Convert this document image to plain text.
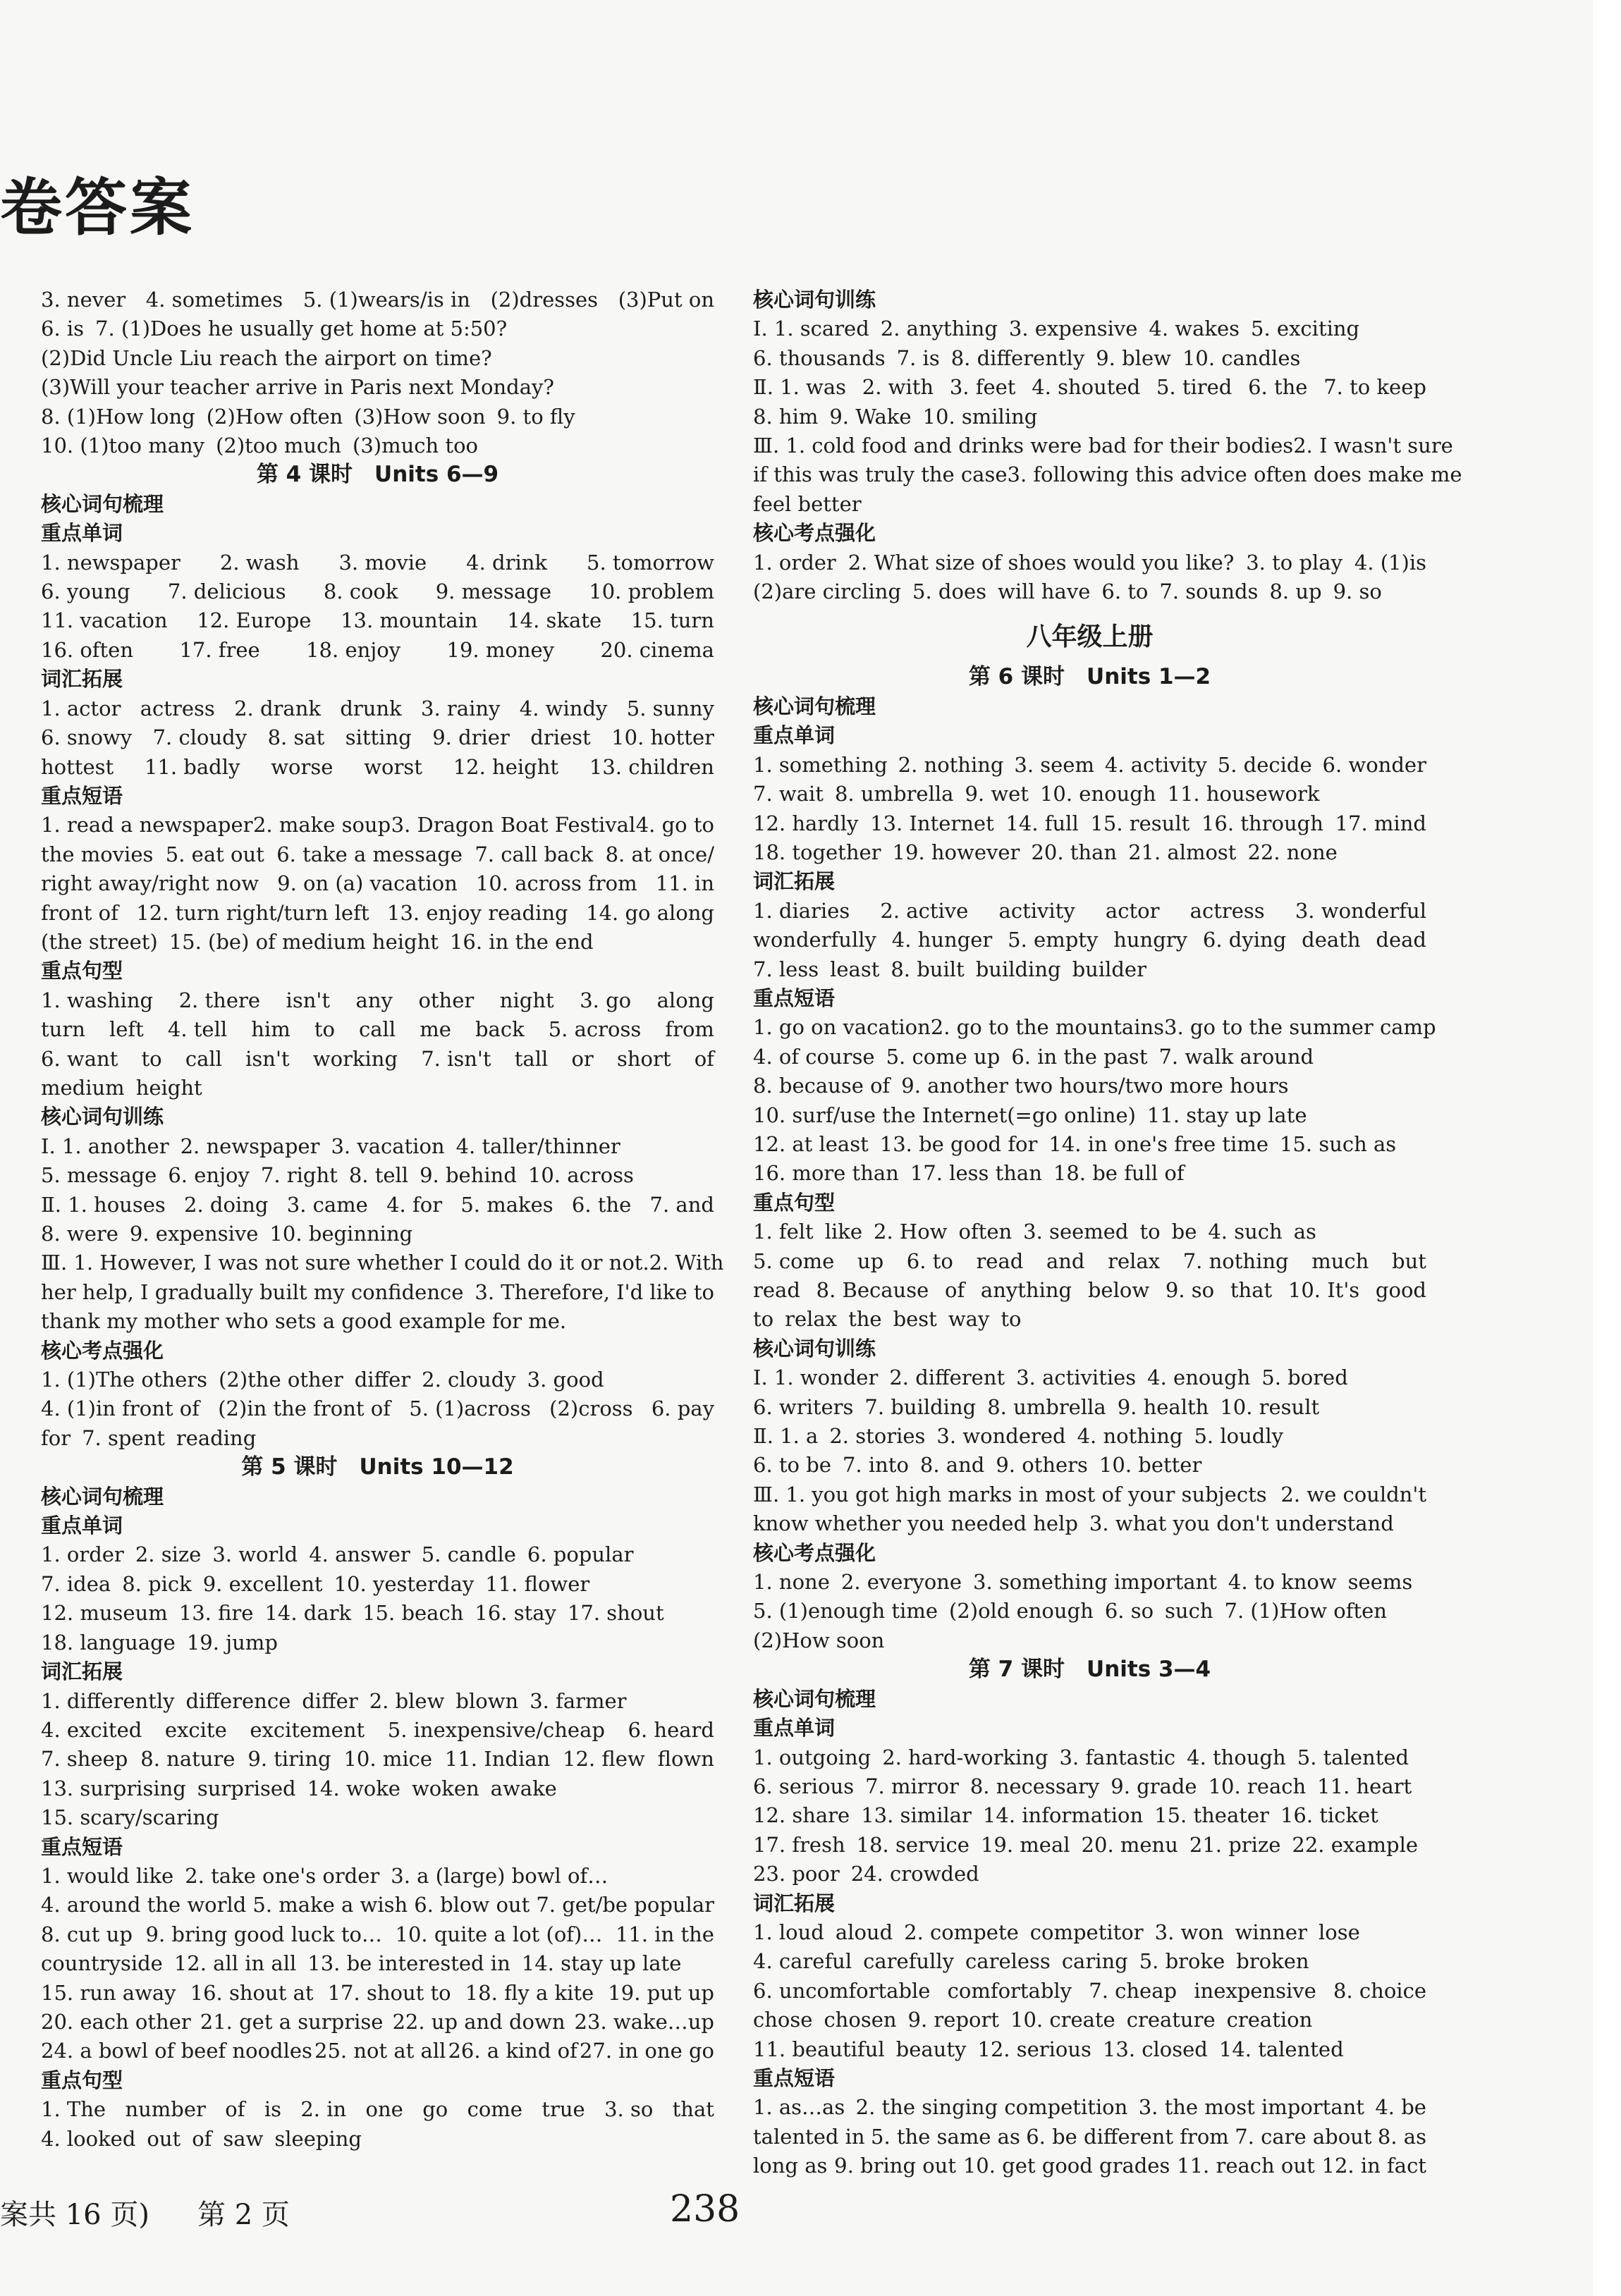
卷答案
3. never 4. sometimes 5. (1)wears/is in (2)dresses (3)Put on
6. is 7. (1)Does he usually get home at 5:50?
(2)Did Uncle Liu reach the airport on time?
(3)Will your teacher arrive in Paris next Monday?
8. (1)How long (2)How often (3)How soon 9. to fly
10. (1)too many (2)too much (3)much too
第 4 课时　Units 6—9
核心词句梳理
重点单词
1. newspaper 2. wash 3. movie 4. drink 5. tomorrow
6. young 7. delicious 8. cook 9. message 10. problem
11. vacation 12. Europe 13. mountain 14. skate 15. turn
16. often 17. free 18. enjoy 19. money 20. cinema
词汇拓展
1. actor actress 2. drank drunk 3. rainy 4. windy 5. sunny
6. snowy 7. cloudy 8. sat sitting 9. drier driest 10. hotter
hottest 11. badly worse worst 12. height 13. children
重点短语
1. read a newspaper 2. make soup 3. Dragon Boat Festival 4. go to
the movies 5. eat out 6. take a message 7. call back 8. at once/
right away/right now 9. on (a) vacation 10. across from 11. in
front of 12. turn right/turn left 13. enjoy reading 14. go along
(the street) 15. (be) of medium height 16. in the end
重点句型
1. washing 2. there isn't any other night 3. go along
turn left 4. tell him to call me back 5. across from
6. want to call isn't working 7. isn't tall or short of
medium height
核心词句训练
Ⅰ. 1. another 2. newspaper 3. vacation 4. taller/thinner
5. message 6. enjoy 7. right 8. tell 9. behind 10. across
Ⅱ. 1. houses 2. doing 3. came 4. for 5. makes 6. the 7. and
8. were 9. expensive 10. beginning
Ⅲ. 1. However, I was not sure whether I could do it or not. 2. With
her help, I gradually built my confidence 3. Therefore, I'd like to
thank my mother who sets a good example for me.
核心考点强化
1. (1)The others (2)the other differ 2. cloudy 3. good
4. (1)in front of (2)in the front of 5. (1)across (2)cross 6. pay
for 7. spent reading
第 5 课时　Units 10—12
核心词句梳理
重点单词
1. order 2. size 3. world 4. answer 5. candle 6. popular
7. idea 8. pick 9. excellent 10. yesterday 11. flower
12. museum 13. fire 14. dark 15. beach 16. stay 17. shout
18. language 19. jump
词汇拓展
1. differently difference differ 2. blew blown 3. farmer
4. excited excite excitement 5. inexpensive/cheap 6. heard
7. sheep 8. nature 9. tiring 10. mice 11. Indian 12. flew flown
13. surprising surprised 14. woke woken awake
15. scary/scaring
重点短语
1. would like 2. take one's order 3. a (large) bowl of…
4. around the world 5. make a wish 6. blow out 7. get/be popular
8. cut up 9. bring good luck to… 10. quite a lot (of)… 11. in the
countryside 12. all in all 13. be interested in 14. stay up late
15. run away 16. shout at 17. shout to 18. fly a kite 19. put up
20. each other 21. get a surprise 22. up and down 23. wake…up
24. a bowl of beef noodles 25. not at all 26. a kind of 27. in one go
重点句型
1. The number of is 2. in one go come true 3. so that
4. looked out of saw sleeping
核心词句训练
Ⅰ. 1. scared 2. anything 3. expensive 4. wakes 5. exciting
6. thousands 7. is 8. differently 9. blew 10. candles
Ⅱ. 1. was 2. with 3. feet 4. shouted 5. tired 6. the 7. to keep
8. him 9. Wake 10. smiling
Ⅲ. 1. cold food and drinks were bad for their bodies 2. I wasn't sure
if this was truly the case 3. following this advice often does make me
feel better
核心考点强化
1. order 2. What size of shoes would you like? 3. to play 4. (1)is
(2)are circling 5. does will have 6. to 7. sounds 8. up 9. so
八年级上册
第 6 课时　Units 1—2
核心词句梳理
重点单词
1. something 2. nothing 3. seem 4. activity 5. decide 6. wonder
7. wait 8. umbrella 9. wet 10. enough 11. housework
12. hardly 13. Internet 14. full 15. result 16. through 17. mind
18. together 19. however 20. than 21. almost 22. none
词汇拓展
1. diaries 2. active activity actor actress 3. wonderful
wonderfully 4. hunger 5. empty hungry 6. dying death dead
7. less least 8. built building builder
重点短语
1. go on vacation 2. go to the mountains 3. go to the summer camp
4. of course 5. come up 6. in the past 7. walk around
8. because of 9. another two hours/two more hours
10. surf/use the Internet(=go online) 11. stay up late
12. at least 13. be good for 14. in one's free time 15. such as
16. more than 17. less than 18. be full of
重点句型
1. felt like 2. How often 3. seemed to be 4. such as
5. come up 6. to read and relax 7. nothing much but
read 8. Because of anything below 9. so that 10. It's good
to relax the best way to
核心词句训练
Ⅰ. 1. wonder 2. different 3. activities 4. enough 5. bored
6. writers 7. building 8. umbrella 9. health 10. result
Ⅱ. 1. a 2. stories 3. wondered 4. nothing 5. loudly
6. to be 7. into 8. and 9. others 10. better
Ⅲ. 1. you got high marks in most of your subjects 2. we couldn't
know whether you needed help 3. what you don't understand
核心考点强化
1. none 2. everyone 3. something important 4. to know seems
5. (1)enough time (2)old enough 6. so such 7. (1)How often
(2)How soon
第 7 课时　Units 3—4
核心词句梳理
重点单词
1. outgoing 2. hard-working 3. fantastic 4. though 5. talented
6. serious 7. mirror 8. necessary 9. grade 10. reach 11. heart
12. share 13. similar 14. information 15. theater 16. ticket
17. fresh 18. service 19. meal 20. menu 21. prize 22. example
23. poor 24. crowded
词汇拓展
1. loud aloud 2. compete competitor 3. won winner lose
4. careful carefully careless caring 5. broke broken
6. uncomfortable comfortably 7. cheap inexpensive 8. choice
chose chosen 9. report 10. create creature creation
11. beautiful beauty 12. serious 13. closed 14. talented
重点短语
1. as…as 2. the singing competition 3. the most important 4. be
talented in 5. the same as 6. be different from 7. care about 8. as
long as 9. bring out 10. get good grades 11. reach out 12. in fact
案共 16 页) 第 2 页	238
